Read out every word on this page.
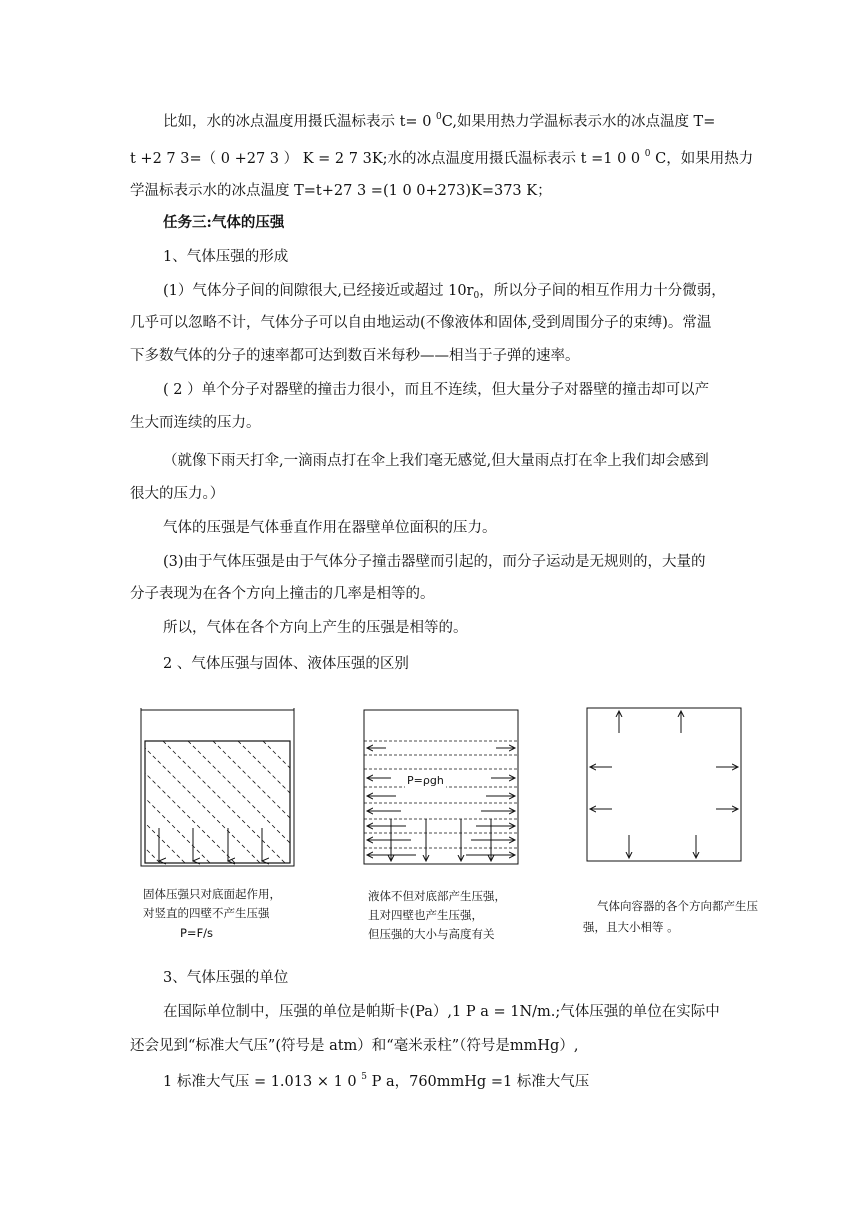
比如，水的冰点温度用摄氏温标表示 t= 0 $^0$C,如果用热力学温标表示水的冰点温度 T=
t +2 7 3=（ 0 +27 3 ） K = 2 7 3K;水的冰点温度用摄氏温标表示 t =1 0 0 $^0$ C，如果用热力
学温标表示水的冰点温度 T=t+27 3 =(1 0 0+273)K=373 K；
任务三:气体的压强
1、气体压强的形成
(1）气体分子间的间隙很大,已经接近或超过 $10r_0$，所以分子间的相互作用力十分微弱，
几乎可以忽略不计，气体分子可以自由地运动(不像液体和固体,受到周围分子的束缚)。常温
下多数气体的分子的速率都可达到数百米每秒——相当于子弹的速率。
( 2 ）单个分子对器壁的撞击力很小，而且不连续，但大量分子对器壁的撞击却可以产
生大而连续的压力。
（就像下雨天打伞,一滴雨点打在伞上我们毫无感觉,但大量雨点打在伞上我们却会感到
很大的压力。）
气体的压强是气体垂直作用在器壁单位面积的压力。
(3)由于气体压强是由于气体分子撞击器壁而引起的，而分子运动是无规则的，大量的
分子表现为在各个方向上撞击的几率是相等的。
所以，气体在各个方向上产生的压强是相等的。
2 、气体压强与固体、液体压强的区别
固体压强只对底面起作用，
对竖直的四壁不产生压强
P=F/s
P=ρgh
液体不但对底部产生压强，
且对四壁也产生压强，
但压强的大小与高度有关
气体向容器的各个方向都产生压
强，且大小相等 。
3、气体压强的单位
在国际单位制中，压强的单位是帕斯卡(Pa）,1 P a = 1N/m.;气体压强的单位在实际中
还会见到“标准大气压”(符号是 atm）和“毫米汞柱”（符号是mmHg）,
1 标准大气压 = 1.013 × 1 0 $^5$ P a，760mmHg =1 标准大气压
